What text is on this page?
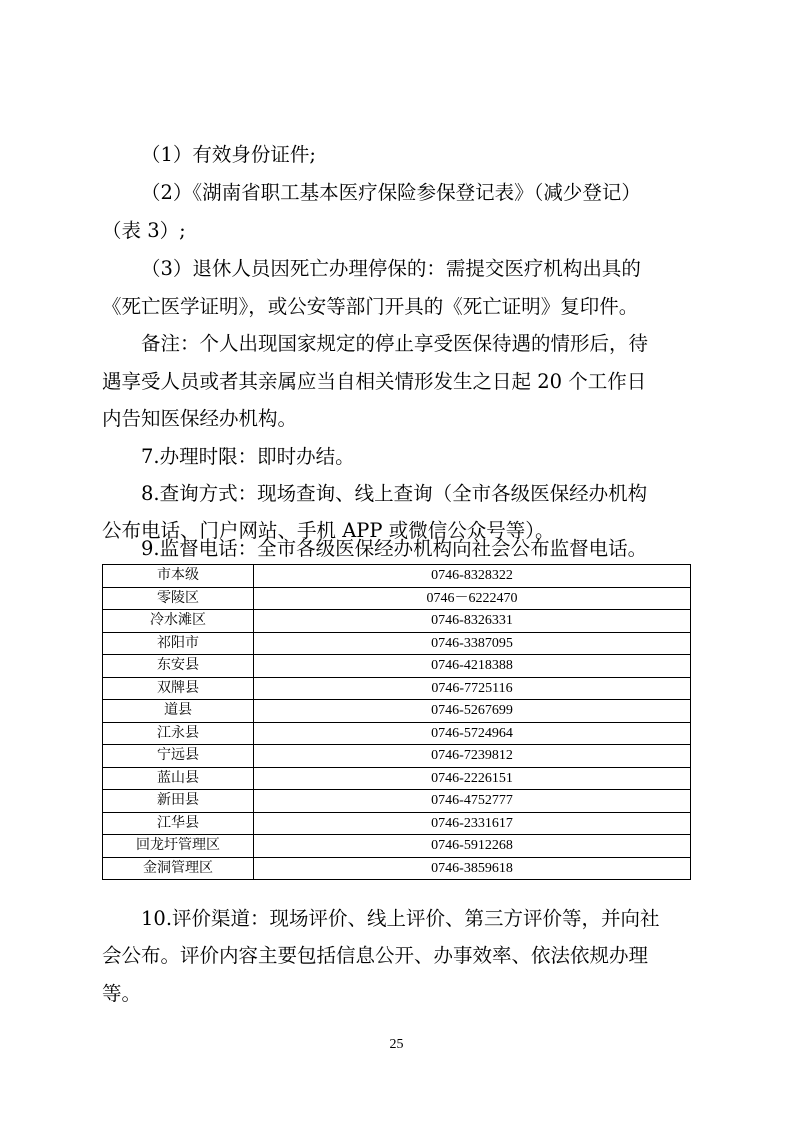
（1）有效身份证件;
（2）《湖南省职工基本医疗保险参保登记表》（减少登记）
（表 3）;
（3）退休人员因死亡办理停保的：需提交医疗机构出具的
《死亡医学证明》，或公安等部门开具的《死亡证明》复印件。
备注：个人出现国家规定的停止享受医保待遇的情形后，待
遇享受人员或者其亲属应当自相关情形发生之日起 20 个工作日
内告知医保经办机构。
7.办理时限：即时办结。
8.查询方式：现场查询、线上查询（全市各级医保经办机构
公布电话、门户网站、手机 APP 或微信公众号等）。
9.监督电话：全市各级医保经办机构向社会公布监督电话。
市本级	0746-8328322
零陵区	0746－6222470
冷水滩区	0746-8326331
祁阳市	0746-3387095
东安县	0746-4218388
双牌县	0746-7725116
道县	0746-5267699
江永县	0746-5724964
宁远县	0746-7239812
蓝山县	0746-2226151
新田县	0746-4752777
江华县	0746-2331617
回龙圩管理区	0746-5912268
金洞管理区	0746-3859618
10.评价渠道：现场评价、线上评价、第三方评价等，并向社
会公布。评价内容主要包括信息公开、办事效率、依法依规办理
等。
25
